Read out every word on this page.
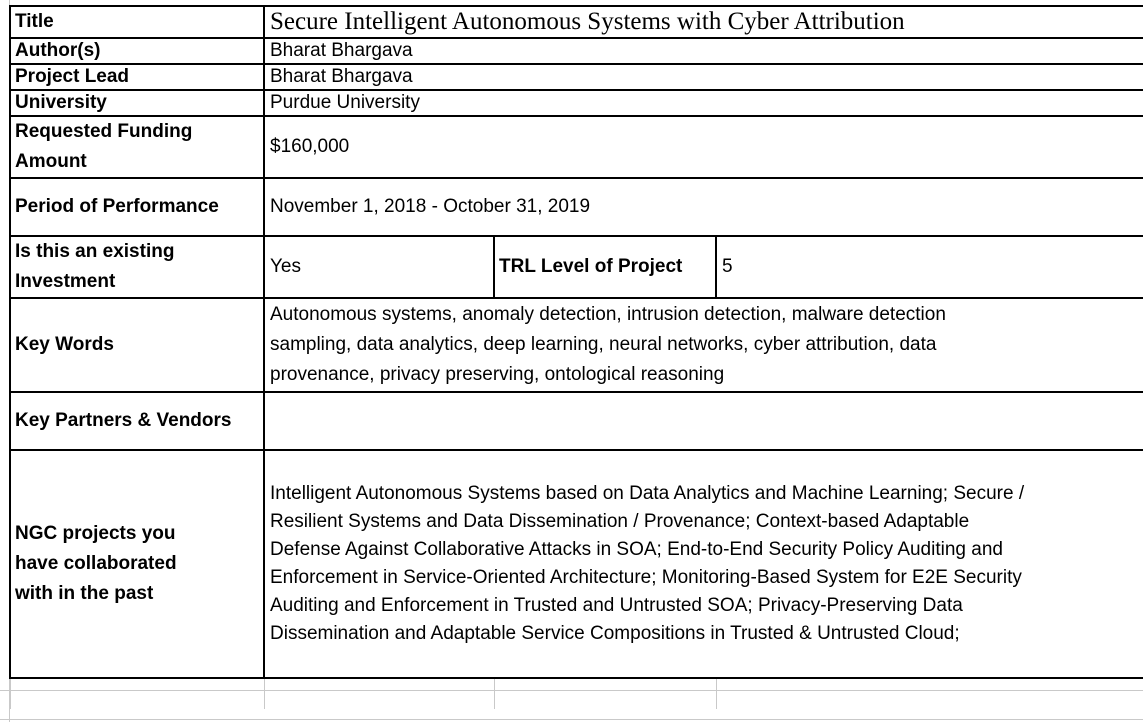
Title	Secure Intelligent Autonomous Systems with Cyber Attribution		
Author(s)	Bharat Bhargava		
Project Lead	Bharat Bhargava		
University	Purdue University		
Requested Funding Amount	$160,000		
Period of Performance	November 1, 2018 - October 31, 2019		
Is this an existing Investment	Yes	TRL Level of Project	5
Key Words	Autonomous systems, anomaly detection, intrusion detection, malware detection sampling, data analytics, deep learning, neural networks, cyber attribution, data provenance, privacy preserving, ontological reasoning		
Key Partners & Vendors			
NGC projects you have collaborated with in the past	Intelligent Autonomous Systems based on Data Analytics and Machine Learning; Secure / Resilient Systems and Data Dissemination / Provenance; Context-based Adaptable Defense Against Collaborative Attacks in SOA; End-to-End Security Policy Auditing and Enforcement in Service-Oriented Architecture; Monitoring-Based System for E2E Security Auditing and Enforcement in Trusted and Untrusted SOA; Privacy-Preserving Data Dissemination and Adaptable Service Compositions in Trusted & Untrusted Cloud;		
